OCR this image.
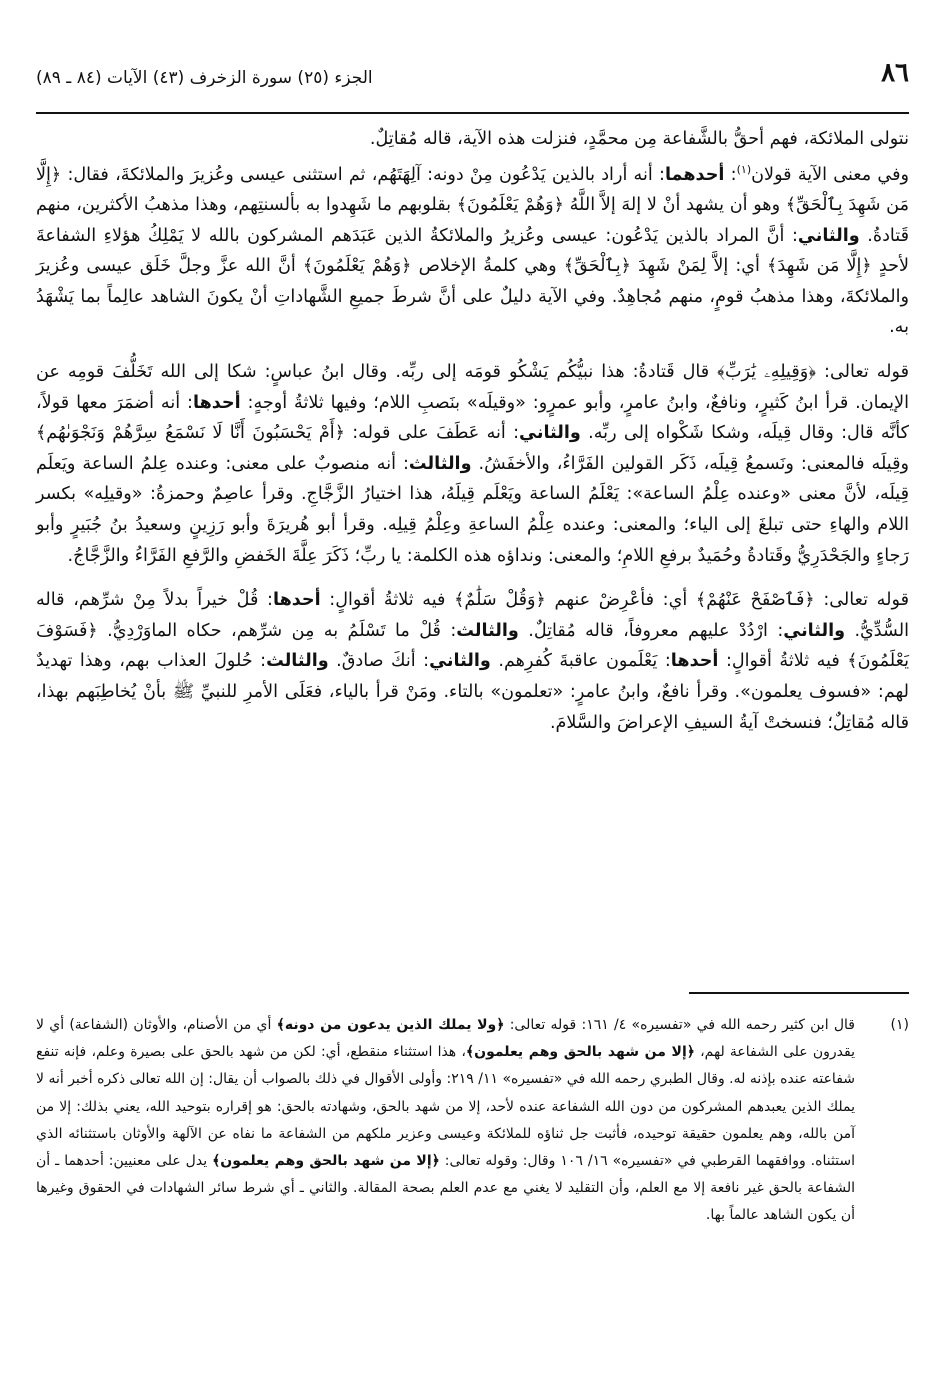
٨٦
الجزء (٢٥) سورة الزخرف (٤٣) الآيات (٨٤ ـ ٨٩)

نتولى الملائكة، فهم أحقُّ بالشَّفاعة مِن محمَّدٍ، فنزلت هذه الآية، قاله مُقاتِلٌ.

وفي معنى الآية قولان$^{(١)}$: أحدهما: أنه أراد بالذين يَدْعُون مِنْ دونه: آلِهَتَهُم، ثم استثنى عيسى وعُزيرَ والملائكةَ، فقال: ﴿إِلَّا مَن شَهِدَ بِٱلْحَقِّ﴾ وهو أن يشهد أنْ لا إلهَ إلاَّ اللَّهُ ﴿وَهُمْ يَعْلَمُونَ﴾ بقلوبهم ما شَهِدوا به بألسنتِهم، وهذا مذهبُ الأكثرين، منهم قَتادةُ. والثاني: أنَّ المراد بالذين يَدْعُون: عيسى وعُزيرُ والملائكةُ الذين عَبَدَهم المشركون بالله لا يَمْلِكُ هؤلاءِ الشفاعةَ لأحدٍ ﴿إِلَّا مَن شَهِدَ﴾ أي: إلاَّ لِمَنْ شَهِدَ ﴿بِٱلْحَقِّ﴾ وهي كلمةُ الإخلاص ﴿وَهُمْ يَعْلَمُونَ﴾ أنَّ الله عزَّ وجلَّ خَلَق عيسى وعُزيرَ والملائكةَ، وهذا مذهبُ قومٍ، منهم مُجاهِدٌ. وفي الآية دليلٌ على أنَّ شرطَ جميعِ الشَّهاداتِ أنْ يكونَ الشاهد عالِماً بما يَشْهَدُ به.

قوله تعالى: ﴿وَقِيلِهِۦ يَٰرَبِّ﴾ قال قَتادةُ: هذا نبيُّكُم يَشْكُو قومَه إلى ربِّه. وقال ابنُ عباسٍ: شكا إلى الله تَخَلُّفَ قومِه عن الإيمان. قرأ ابنُ كَثيرٍ، ونافعٌ، وابنُ عامرٍ، وأبو عمرٍو: «وقيلَه» بنَصبِ اللام؛ وفيها ثلاثةُ أوجهٍ: أحدها: أنه أضمَرَ معها قولاً، كأنَّه قال: وقال قِيلَه، وشكا شَكْواه إلى ربِّه. والثاني: أنه عَطَفَ على قوله: ﴿أَمْ يَحْسَبُونَ أَنَّا لَا نَسْمَعُ سِرَّهُمْ وَنَجْوَىٰهُم﴾ وقِيلَه فالمعنى: ونَسمعُ قِيلَه، ذَكَر القولين الفَرَّاءُ، والأخفَشُ. والثالث: أنه منصوبٌ على معنى: وعنده عِلمُ الساعة ويَعلَم قِيلَه، لأنَّ معنى «وعنده عِلْمُ الساعة»: يَعْلَمُ الساعة ويَعْلَم قِيلَهُ، هذا اختيارُ الزَّجَّاجِ. وقرأ عاصِمٌ وحمزةُ: «وقيلِه» بكسر اللام والهاءِ حتى تبلغَ إلى الياء؛ والمعنى: وعنده عِلْمُ الساعةِ وعِلْمُ قِيلِه. وقرأ أبو هُريرَةَ وأبو رَزِينٍ وسعيدُ بنُ جُبَيرٍ وأبو رَجاءٍ والجَحْدَرِيُّ وقَتادةُ وحُمَيدٌ برفعِ اللامِ؛ والمعنى: ونداؤه هذه الكلمة: يا ربِّ؛ ذَكَرَ عِلَّةَ الخَفضِ والرَّفعِ الفَرَّاءُ والزَّجَّاجُ.

قوله تعالى: ﴿فَٱصْفَحْ عَنْهُمْ﴾ أي: فأعْرِضْ عنهم ﴿وَقُلْ سَلَٰمٌ﴾ فيه ثلاثةُ أقوالٍ: أحدها: قُلْ خيراً بدلاً مِنْ شرِّهم، قاله السُّدِّيُّ. والثاني: ارْدُدْ عليهم معروفاً، قاله مُقاتِلٌ. والثالث: قُلْ ما تَسْلَمُ به مِن شرِّهم، حكاه الماوَرْدِيُّ. ﴿فَسَوْفَ يَعْلَمُونَ﴾ فيه ثلاثةُ أقوالٍ: أحدها: يَعْلَمون عاقبةَ كُفرِهم. والثاني: أنكَ صادقٌ. والثالث: حُلولَ العذاب بهم، وهذا تهديدٌ لهم: «فسوف يعلمون». وقرأ نافعٌ، وابنُ عامرٍ: «تعلمون» بالتاء. ومَنْ قرأ بالياء، فعَلَى الأمرِ للنبيِّ ﷺ بأنْ يُخاطِبَهم بهذا، قاله مُقاتِلٌ؛ فنسختْ آيةُ السيفِ الإعراضَ والسَّلامَ.

(١)
قال ابن كثير رحمه الله في «تفسيره» ٤/ ١٦١: قوله تعالى: ﴿ولا يملك الذين يدعون من دونه﴾ أي من الأصنام، والأوثان (الشفاعة) أي لا يقدرون على الشفاعة لهم، ﴿إلا من شهد بالحق وهم يعلمون﴾، هذا استثناء منقطع، أي: لكن من شهد بالحق على بصيرة وعلم، فإنه تنفع شفاعته عنده بإذنه له. وقال الطبري رحمه الله في «تفسيره» ١١/ ٢١٩: وأولى الأقوال في ذلك بالصواب أن يقال: إن الله تعالى ذكره أخبر أنه لا يملك الذين يعبدهم المشركون من دون الله الشفاعة عنده لأحد، إلا من شهد بالحق، وشهادته بالحق: هو إقراره بتوحيد الله، يعني بذلك: إلا من آمن بالله، وهم يعلمون حقيقة توحيده، فأثبت جل ثناؤه للملائكة وعيسى وعزير ملكهم من الشفاعة ما نفاه عن الآلهة والأوثان باستثنائه الذي استثناه. ووافقهما القرطبي في «تفسيره» ١٦/ ١٠٦ وقال: وقوله تعالى: ﴿إلا من شهد بالحق وهم يعلمون﴾ يدل على معنيين: أحدهما ـ أن الشفاعة بالحق غير نافعة إلا مع العلم، وأن التقليد لا يغني مع عدم العلم بصحة المقالة. والثاني ـ أي شرط سائر الشهادات في الحقوق وغيرها أن يكون الشاهد عالماً بها.
